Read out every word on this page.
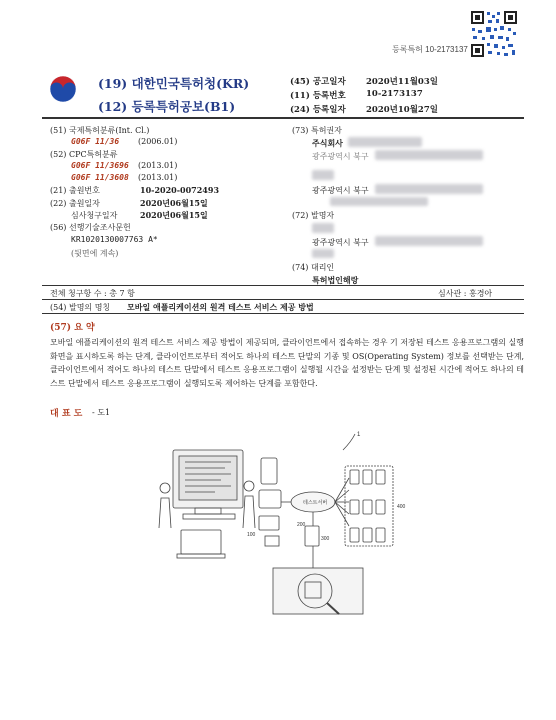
등록특허 10-2173137
(19) 대한민국특허청(KR)
(12) 등록특허공보(B1)
(45) 공고일자 2020년11월03일
(11) 등록번호 10-2173137
(24) 등록일자 2020년10월27일
(51) 국제특허분류(Int. Cl.)
G06F 11/36 (2006.01)
(52) CPC특허분류
G06F 11/3696 (2013.01)
G06F 11/3608 (2013.01)
(21) 출원번호	10-2020-0072493
(22) 출원일자	2020년06월15일
심사청구일자	2020년06월15일
(56) 선행기술조사문헌
KR1020130007763 A*
(뒷면에 계속)
(73) 특허권자
주식회사
광주광역시 북구
광주광역시 북구
(72) 발명자
광주광역시 북구
(74) 대리인
특허법인해랑
전체 청구항 수 : 총 7 항	심사관 : 홍경아
(54) 발명의 명칭 모바일 애플리케이션의 원격 테스트 서비스 제공 방법
(57) 요 약
모바일 애플리케이션의 원격 테스트 서비스 제공 방법이 제공되며, 클라이언트에서 접속하는 경우 기 저장된 테스트 응용프로그램의 실행화면을 표시하도록 하는 단계, 클라이언트로부터 적어도 하나의 테스트 단말의 기종 및 OS(Operating System) 정보를 선택받는 단계, 클라이언트에서 적어도 하나의 테스트 단말에서 테스트 응용프로그램이 실행될 시간을 설정받는 단계 및 설정된 시간에 적어도 하나의 테스트 단말에서 테스트 응용프로그램이 실행되도록 제어하는 단계를 포함한다.
대 표 도 - 도1
1
100
200
300
400
테스트서버
